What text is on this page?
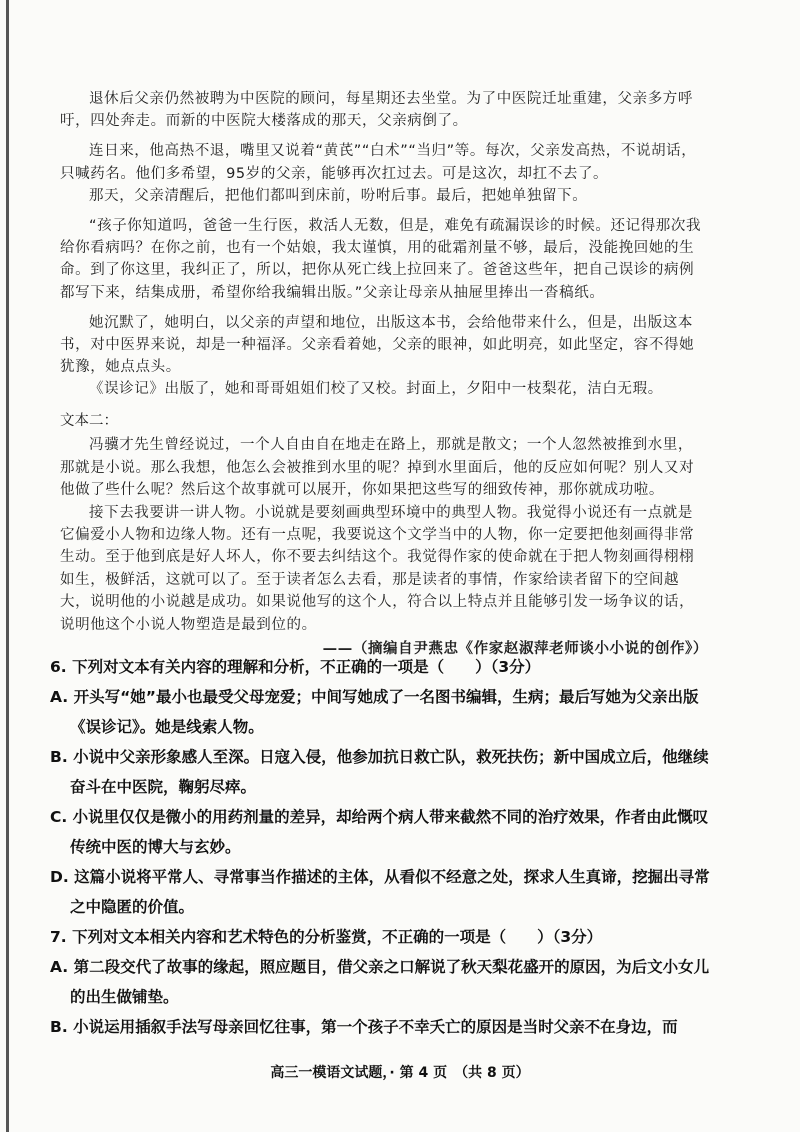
退休后父亲仍然被聘为中医院的顾问，每星期还去坐堂。为了中医院迁址重建，父亲多方呼吁，四处奔走。而新的中医院大楼落成的那天，父亲病倒了。

连日来，他高热不退，嘴里又说着“黄芪”“白术”“当归”等。每次，父亲发高热，不说胡话，只喊药名。他们多希望，95岁的父亲，能够再次扛过去。可是这次，却扛不去了。

那天，父亲清醒后，把他们都叫到床前，吩咐后事。最后，把她单独留下。

“孩子你知道吗，爸爸一生行医，救活人无数，但是，难免有疏漏误诊的时候。还记得那次我给你看病吗？在你之前，也有一个姑娘，我太谨慎，用的砒霜剂量不够，最后，没能挽回她的生命。到了你这里，我纠正了，所以，把你从死亡线上拉回来了。爸爸这些年，把自己误诊的病例都写下来，结集成册，希望你给我编辑出版。”父亲让母亲从抽屉里捧出一沓稿纸。

她沉默了，她明白，以父亲的声望和地位，出版这本书，会给他带来什么，但是，出版这本书，对中医界来说，却是一种福泽。父亲看着她，父亲的眼神，如此明亮，如此坚定，容不得她犹豫，她点点头。

《误诊记》出版了，她和哥哥姐姐们校了又校。封面上，夕阳中一枝梨花，洁白无瑕。

文本二：

冯骥才先生曾经说过，一个人自由自在地走在路上，那就是散文；一个人忽然被推到水里，那就是小说。那么我想，他怎么会被推到水里的呢？掉到水里面后，他的反应如何呢？别人又对他做了些什么呢？然后这个故事就可以展开，你如果把这些写的细致传神，那你就成功啦。

接下去我要讲一讲人物。小说就是要刻画典型环境中的典型人物。我觉得小说还有一点就是它偏爱小人物和边缘人物。还有一点呢，我要说这个文学当中的人物，你一定要把他刻画得非常生动。至于他到底是好人坏人，你不要去纠结这个。我觉得作家的使命就在于把人物刻画得栩栩如生，极鲜活，这就可以了。至于读者怎么去看，那是读者的事情，作家给读者留下的空间越大，说明他的小说越是成功。如果说他写的这个人，符合以上特点并且能够引发一场争议的话，说明他这个小说人物塑造是最到位的。

——（摘编自尹燕忠《作家赵淑萍老师谈小小说的创作》）

6. 下列对文本有关内容的理解和分析，不正确的一项是（　　）（3分）

A. 开头写“她”最小也最受父母宠爱；中间写她成了一名图书编辑，生病；最后写她为父亲出版《误诊记》。她是线索人物。

B. 小说中父亲形象感人至深。日寇入侵，他参加抗日救亡队，救死扶伤；新中国成立后，他继续奋斗在中医院，鞠躬尽瘁。

C. 小说里仅仅是微小的用药剂量的差异，却给两个病人带来截然不同的治疗效果，作者由此慨叹传统中医的博大与玄妙。

D. 这篇小说将平常人、寻常事当作描述的主体，从看似不经意之处，探求人生真谛，挖掘出寻常之中隐匿的价值。

7. 下列对文本相关内容和艺术特色的分析鉴赏，不正确的一项是（　　）（3分）

A. 第二段交代了故事的缘起，照应题目，借父亲之口解说了秋天梨花盛开的原因，为后文小女儿的出生做铺垫。

B. 小说运用插叙手法写母亲回忆往事，第一个孩子不幸夭亡的原因是当时父亲不在身边，而

高三一模语文试题，· 第 4 页　（共 8 页）
